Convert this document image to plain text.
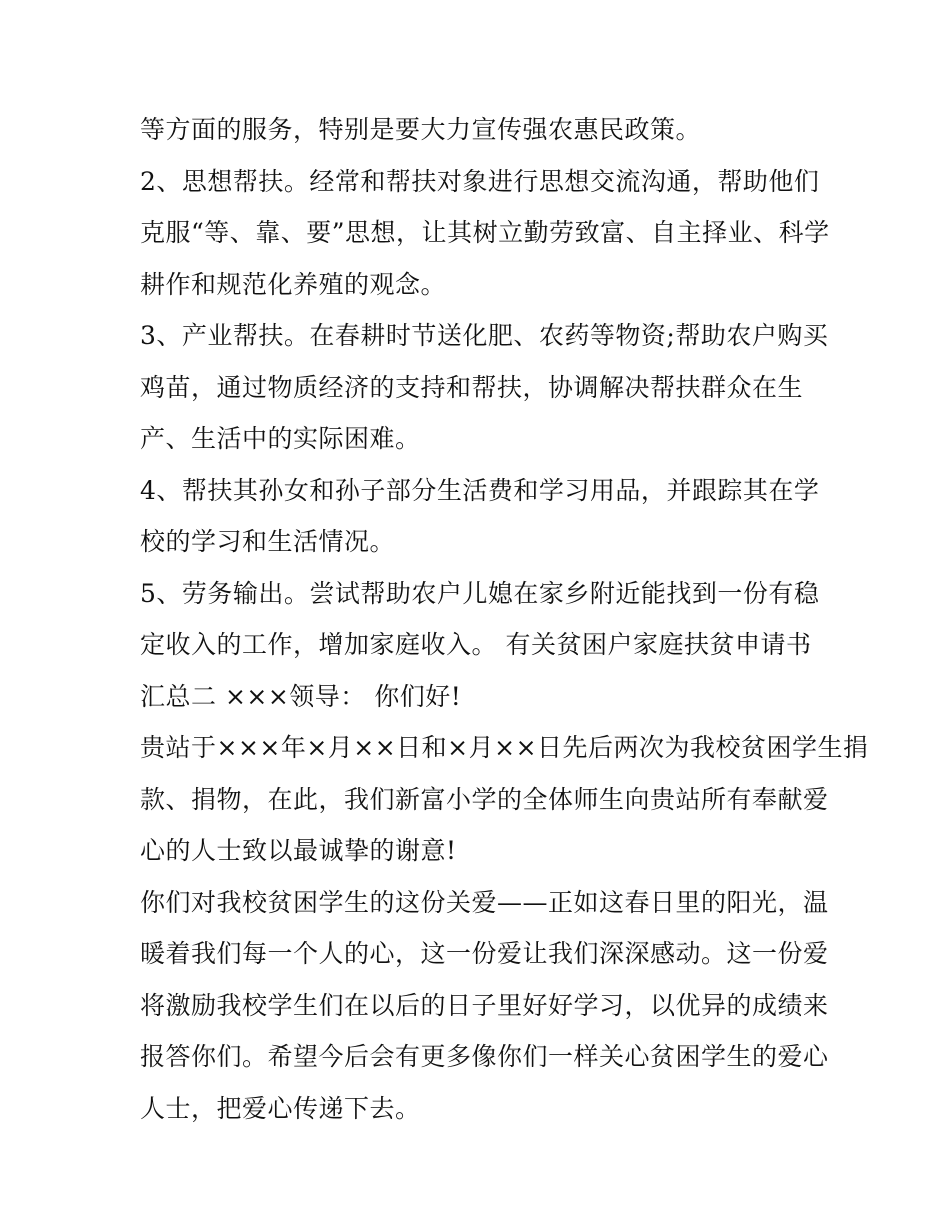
等方面的服务，特别是要大力宣传强农惠民政策。
2、思想帮扶。经常和帮扶对象进行思想交流沟通，帮助他们
克服“等、靠、要”思想，让其树立勤劳致富、自主择业、科学
耕作和规范化养殖的观念。
3、产业帮扶。在春耕时节送化肥、农药等物资;帮助农户购买
鸡苗，通过物质经济的支持和帮扶，协调解决帮扶群众在生
产、生活中的实际困难。
4、帮扶其孙女和孙子部分生活费和学习用品，并跟踪其在学
校的学习和生活情况。
5、劳务输出。尝试帮助农户儿媳在家乡附近能找到一份有稳
定收入的工作，增加家庭收入。 有关贫困户家庭扶贫申请书
汇总二 ×××领导： 你们好!
贵站于×××年×月××日和×月××日先后两次为我校贫困学生捐
款、捐物，在此，我们新富小学的全体师生向贵站所有奉献爱
心的人士致以最诚挚的谢意!
你们对我校贫困学生的这份关爱——正如这春日里的阳光，温
暖着我们每一个人的心，这一份爱让我们深深感动。这一份爱
将激励我校学生们在以后的日子里好好学习，以优异的成绩来
报答你们。希望今后会有更多像你们一样关心贫困学生的爱心
人士，把爱心传递下去。
